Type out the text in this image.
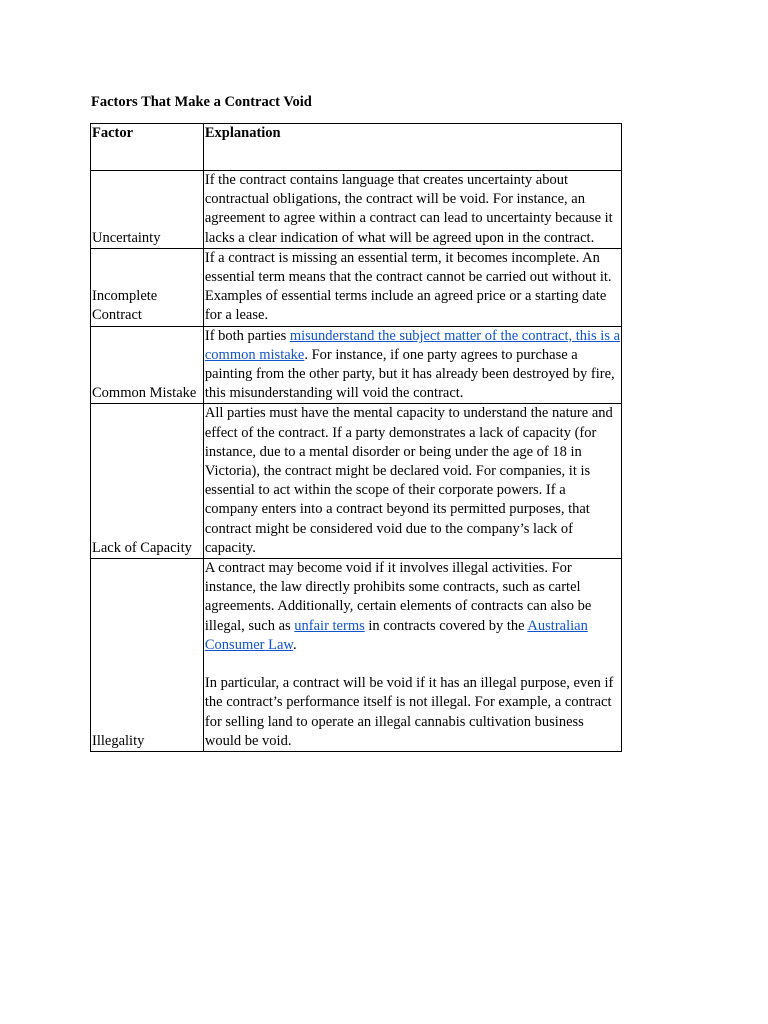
Factors That Make a Contract Void
Factor	Explanation
Uncertainty	If the contract contains language that creates uncertainty about contractual obligations, the contract will be void. For instance, an agreement to agree within a contract can lead to uncertainty because it lacks a clear indication of what will be agreed upon in the contract.

Incomplete Contract	If a contract is missing an essential term, it becomes incomplete. An essential term means that the contract cannot be carried out without it. Examples of essential terms include an agreed price or a starting date for a lease.

Common Mistake	If both parties misunderstand the subject matter of the contract, this is a common mistake. For instance, if one party agrees to purchase a painting from the other party, but it has already been destroyed by fire, this misunderstanding will void the contract.

Lack of Capacity	All parties must have the mental capacity to understand the nature and effect of the contract. If a party demonstrates a lack of capacity (for instance, due to a mental disorder or being under the age of 18 in Victoria), the contract might be declared void. For companies, it is essential to act within the scope of their corporate powers. If a company enters into a contract beyond its permitted purposes, that contract might be considered void due to the company’s lack of capacity.

Illegality	A contract may become void if it involves illegal activities. For instance, the law directly prohibits some contracts, such as cartel agreements. Additionally, certain elements of contracts can also be illegal, such as unfair terms in contracts covered by the Australian Consumer Law.

In particular, a contract will be void if it has an illegal purpose, even if the contract’s performance itself is not illegal. For example, a contract for selling land to operate an illegal cannabis cultivation business would be void.
